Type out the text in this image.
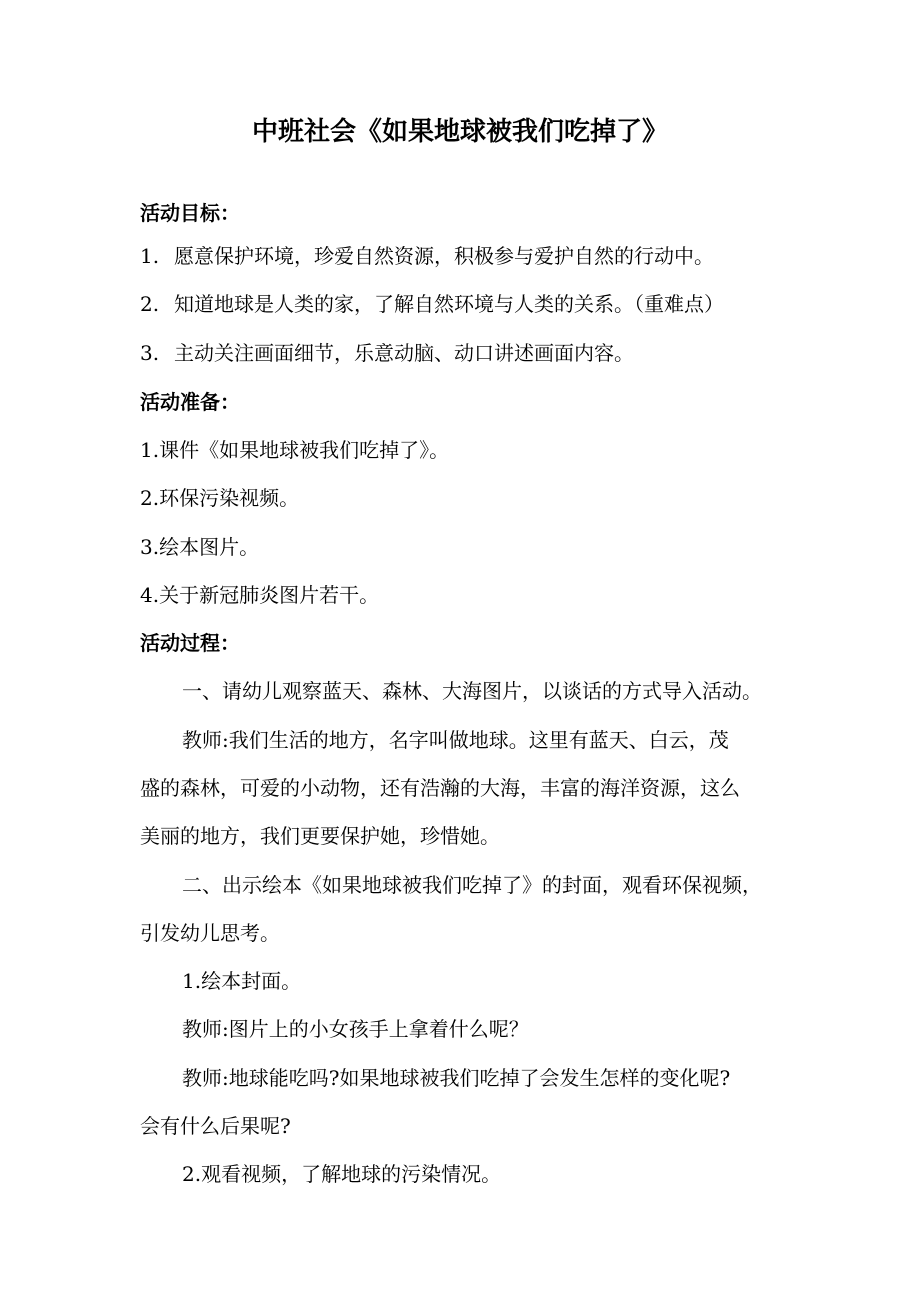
中班社会《如果地球被我们吃掉了》
活动目标：
1. 愿意保护环境，珍爱自然资源，积极参与爱护自然的行动中。
2. 知道地球是人类的家，了解自然环境与人类的关系。（重难点）
3. 主动关注画面细节，乐意动脑、动口讲述画面内容。
活动准备：
1.课件《如果地球被我们吃掉了》。
2.环保污染视频。
3.绘本图片。
4.关于新冠肺炎图片若干。
活动过程：
一、请幼儿观察蓝天、森林、大海图片，以谈话的方式导入活动。
教师:我们生活的地方，名字叫做地球。这里有蓝天、白云，茂
盛的森林，可爱的小动物，还有浩瀚的大海，丰富的海洋资源，这么
美丽的地方，我们更要保护她，珍惜她。
二、出示绘本《如果地球被我们吃掉了》的封面，观看环保视频，
引发幼儿思考。
1.绘本封面。
教师:图片上的小女孩手上拿着什么呢？
教师:地球能吃吗?如果地球被我们吃掉了会发生怎样的变化呢?
会有什么后果呢?
2.观看视频，了解地球的污染情况。
